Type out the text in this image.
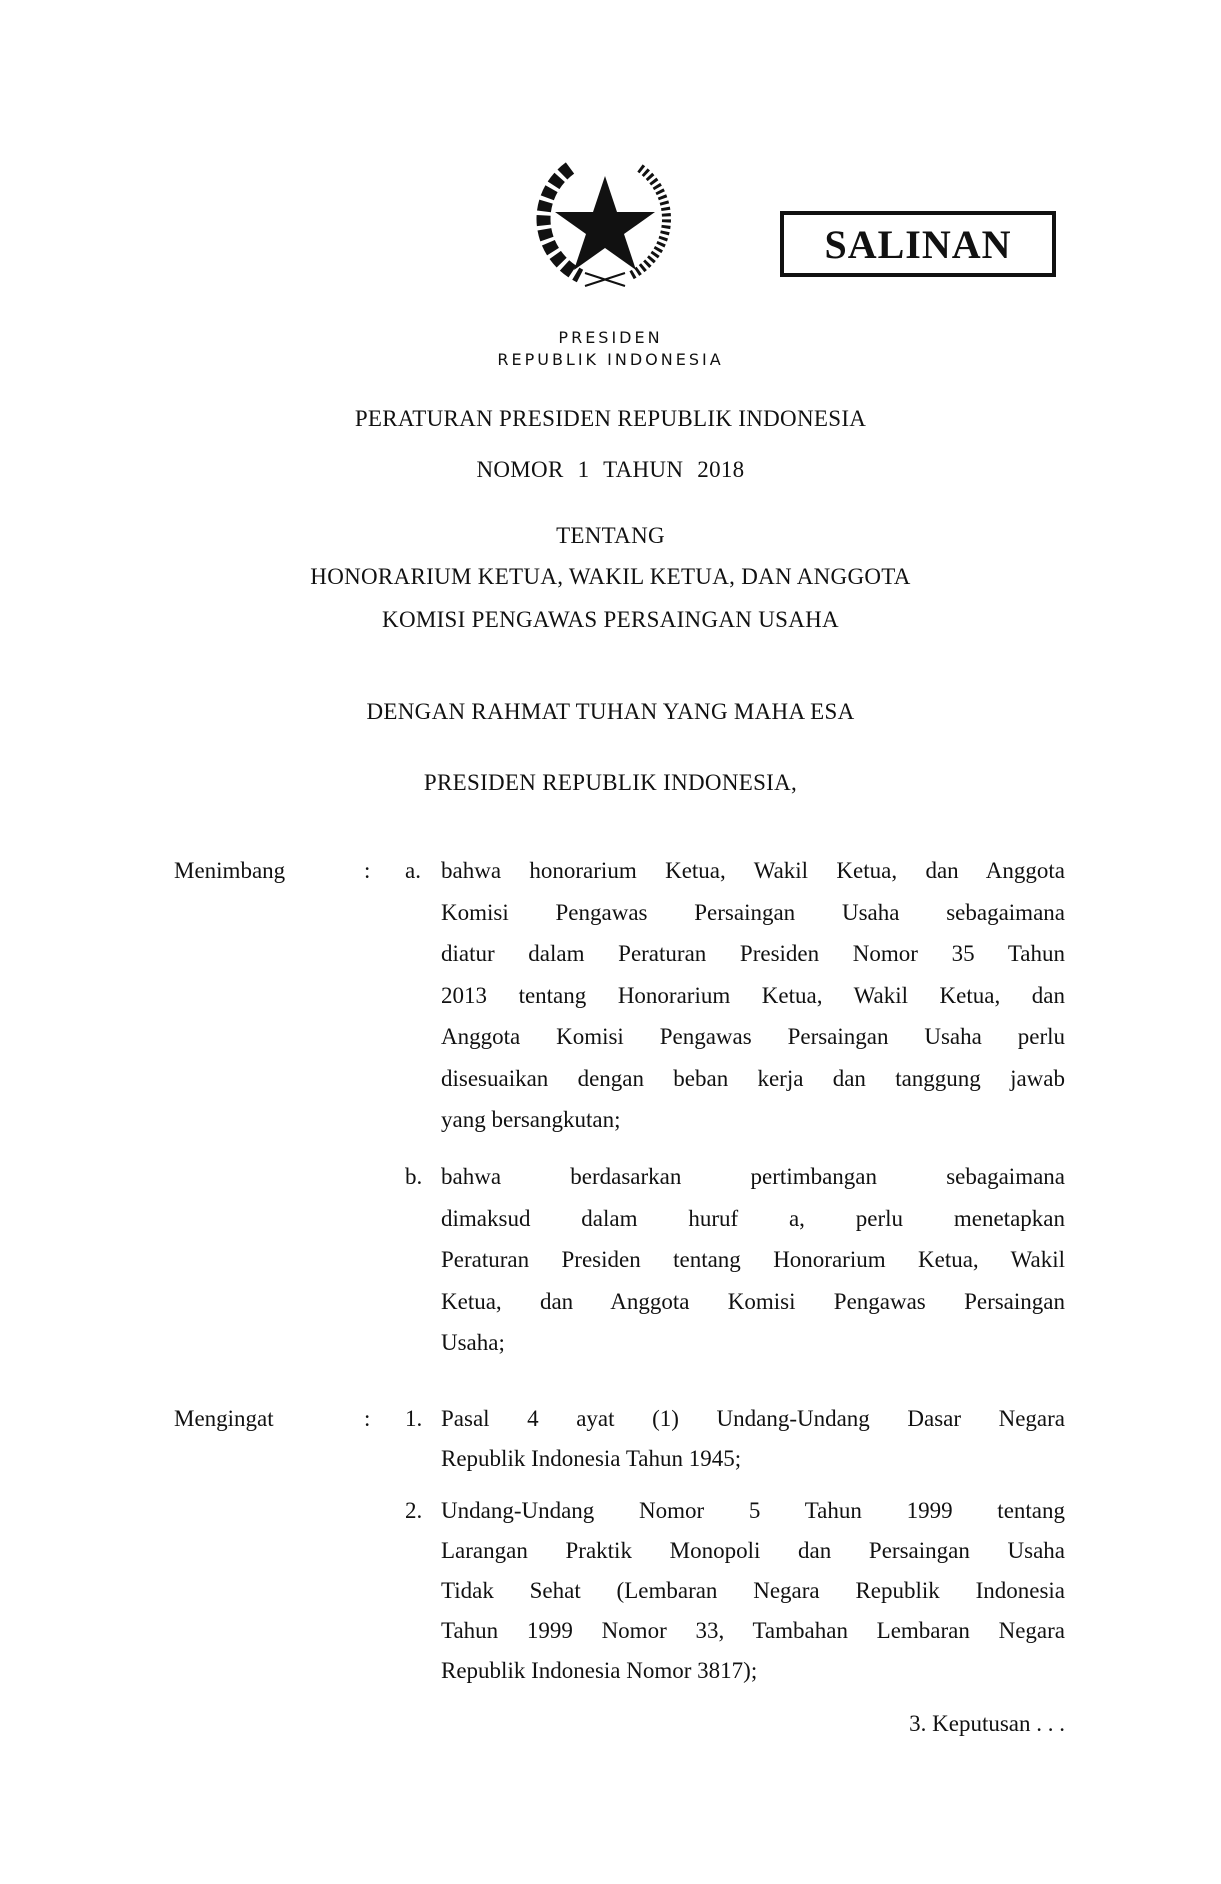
SALINAN
PRESIDEN
REPUBLIK INDONESIA
PERATURAN PRESIDEN REPUBLIK INDONESIA
NOMOR 1 TAHUN 2018
TENTANG
HONORARIUM KETUA, WAKIL KETUA, DAN ANGGOTA
KOMISI PENGAWAS PERSAINGAN USAHA
DENGAN RAHMAT TUHAN YANG MAHA ESA
PRESIDEN REPUBLIK INDONESIA,
Menimbang	: a. bahwa honorarium Ketua, Wakil Ketua, dan Anggota
Komisi Pengawas Persaingan Usaha sebagaimana
diatur dalam Peraturan Presiden Nomor 35 Tahun
2013 tentang Honorarium Ketua, Wakil Ketua, dan
Anggota Komisi Pengawas Persaingan Usaha perlu
disesuaikan dengan beban kerja dan tanggung jawab
yang bersangkutan;
b. bahwa berdasarkan pertimbangan sebagaimana
dimaksud dalam huruf a, perlu menetapkan
Peraturan Presiden tentang Honorarium Ketua, Wakil
Ketua, dan Anggota Komisi Pengawas Persaingan
Usaha;
Mengingat	: 1. Pasal 4 ayat (1) Undang-Undang Dasar Negara
Republik Indonesia Tahun 1945;
2. Undang-Undang Nomor 5 Tahun 1999 tentang
Larangan Praktik Monopoli dan Persaingan Usaha
Tidak Sehat (Lembaran Negara Republik Indonesia
Tahun 1999 Nomor 33, Tambahan Lembaran Negara
Republik Indonesia Nomor 3817);
3. Keputusan . . .
